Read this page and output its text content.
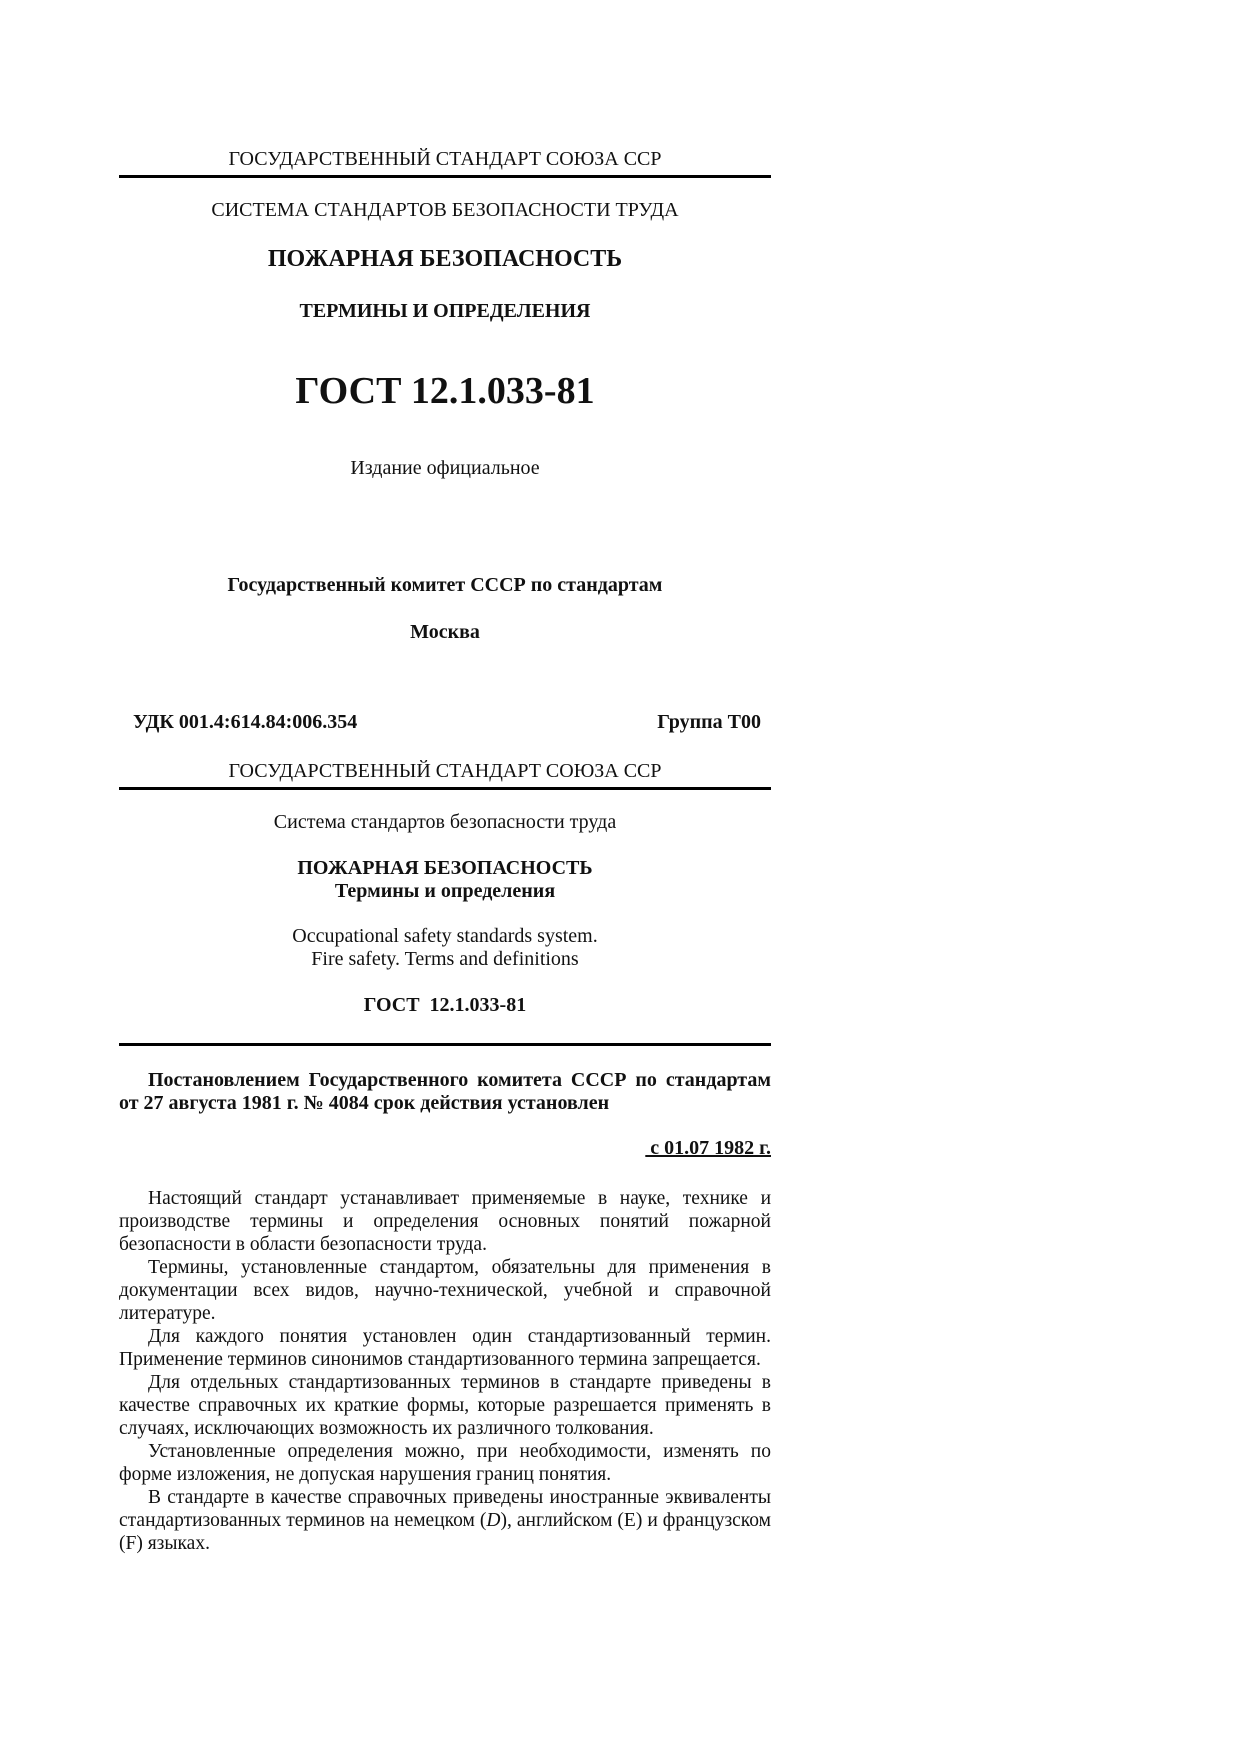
ГОСУДАРСТВЕННЫЙ СТАНДАРТ СОЮЗА ССР
СИСТЕМА СТАНДАРТОВ БЕЗОПАСНОСТИ ТРУДА
ПОЖАРНАЯ БЕЗОПАСНОСТЬ
ТЕРМИНЫ И ОПРЕДЕЛЕНИЯ
ГОСТ 12.1.033-81
Издание официальное
Государственный комитет СССР по стандартам
Москва
УДК 001.4:614.84:006.354	Группа Т00
ГОСУДАРСТВЕННЫЙ СТАНДАРТ СОЮЗА ССР
Система стандартов безопасности труда
ПОЖАРНАЯ БЕЗОПАСНОСТЬ
Термины и определения
Occupational safety standards system.
Fire safety. Terms and definitions
ГОСТ  12.1.033-81
Постановлением Государственного комитета СССР по стандартам от 27 августа 1981 г. № 4084 срок действия установлен
с 01.07 1982 г.

Настоящий стандарт устанавливает применяемые в науке, технике и производстве термины и определения основных понятий пожарной безопасности в области безопасности труда.

Термины, установленные стандартом, обязательны для применения в документации всех видов, научно-технической, учебной и справочной литературе.

Для каждого понятия установлен один стандартизованный термин. Применение терминов синонимов стандартизованного термина запрещается.

Для отдельных стандартизованных терминов в стандарте приведены в качестве справочных их краткие формы, которые разрешается применять в случаях, исключающих возможность их различного толкования.

Установленные определения можно, при необходимости, изменять по форме изложения, не допуская нарушения границ понятия.

В стандарте в качестве справочных приведены иностранные эквиваленты стандартизованных терминов на немецком (D), английском (Е) и французском (F) языках.
